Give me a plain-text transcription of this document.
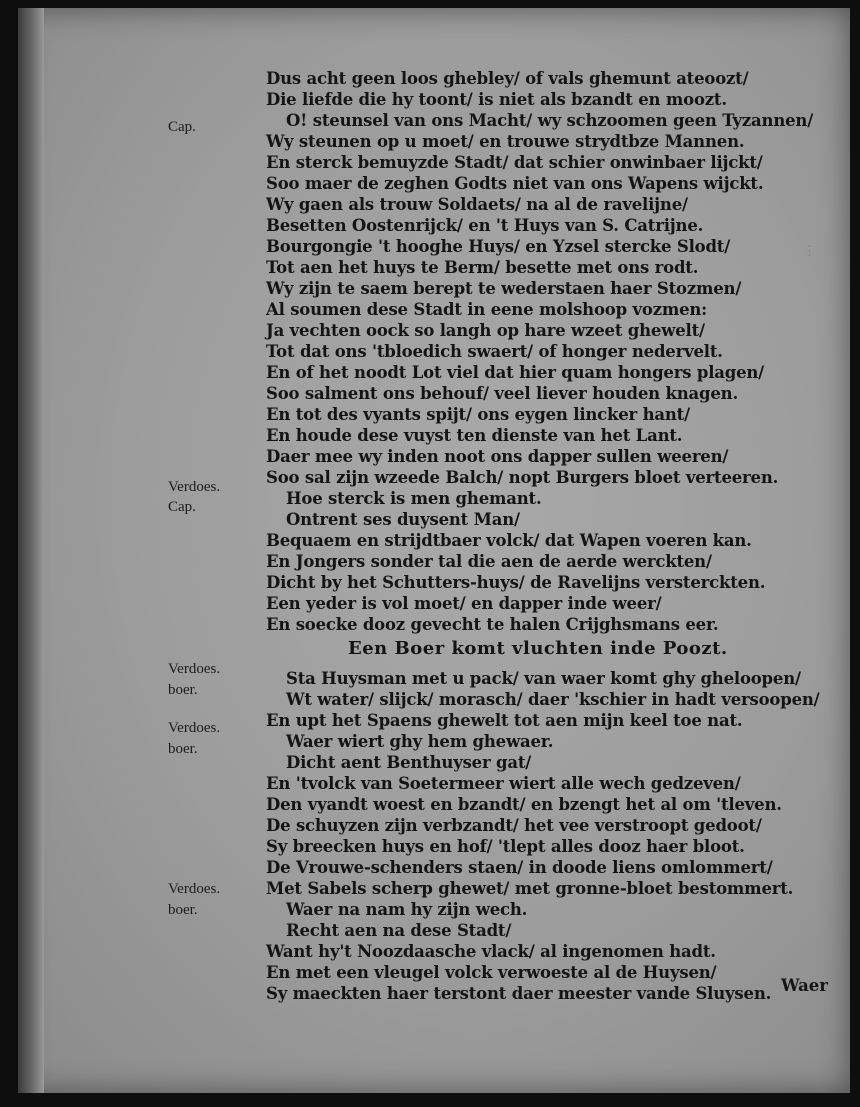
⋮
Cap.
Verdoes.
Cap.
Verdoes.
boer.
Verdoes.
boer.
Verdoes.
boer.
Dus acht geen loos ghebley/ of vals ghemunt ateoozt/
Die liefde die hy toont/ is niet als bzandt en moozt.
O! steunsel van ons Macht/ wy schzoomen geen Tyzannen/
Wy steunen op u moet/ en trouwe strydtbze Mannen.
En sterck bemuyzde Stadt/ dat schier onwinbaer lijckt/
Soo maer de zeghen Godts niet van ons Wapens wijckt.
Wy gaen als trouw Soldaets/ na al de ravelijne/
Besetten Oostenrijck/ en 't Huys van S. Catrijne.
Bourgongie 't hooghe Huys/ en Yzsel stercke Slodt/
Tot aen het huys te Berm/ besette met ons rodt.
Wy zijn te saem berept te wederstaen haer Stozmen/
Al soumen dese Stadt in eene molshoop vozmen:
Ja vechten oock so langh op hare wzeet ghewelt/
Tot dat ons 'tbloedich swaert/ of honger nedervelt.
En of het noodt Lot viel dat hier quam hongers plagen/
Soo salment ons behouf/ veel liever houden knagen.
En tot des vyants spijt/ ons eygen lincker hant/
En houde dese vuyst ten dienste van het Lant.
Daer mee wy inden noot ons dapper sullen weeren/
Soo sal zijn wzeede Balch/ nopt Burgers bloet verteeren.
Hoe sterck is men ghemant.
Ontrent ses duysent Man/
Bequaem en strijdtbaer volck/ dat Wapen voeren kan.
En Jongers sonder tal die aen de aerde werckten/
Dicht by het Schutters-huys/ de Ravelijns versterckten.
Een yeder is vol moet/ en dapper inde weer/
En soecke dooz gevecht te halen Crijghsmans eer.
Een Boer komt vluchten inde Poozt.
Sta Huysman met u pack/ van waer komt ghy gheloopen/
Wt water/ slijck/ morasch/ daer 'kschier in hadt versoopen/
En upt het Spaens ghewelt tot aen mijn keel toe nat.
Waer wiert ghy hem ghewaer.
Dicht aent Benthuyser gat/
En 'tvolck van Soetermeer wiert alle wech gedzeven/
Den vyandt woest en bzandt/ en bzengt het al om 'tleven.
De schuyzen zijn verbzandt/ het vee verstroopt gedoot/
Sy breecken huys en hof/ 'tlept alles dooz haer bloot.
De Vrouwe-schenders staen/ in doode liens omlommert/
Met Sabels scherp ghewet/ met gronne-bloet bestommert.
Waer na nam hy zijn wech.
Recht aen na dese Stadt/
Want hy't Noozdaasche vlack/ al ingenomen hadt.
En met een vleugel volck verwoeste al de Huysen/
Sy maeckten haer terstont daer meester vande Sluysen. Waer
